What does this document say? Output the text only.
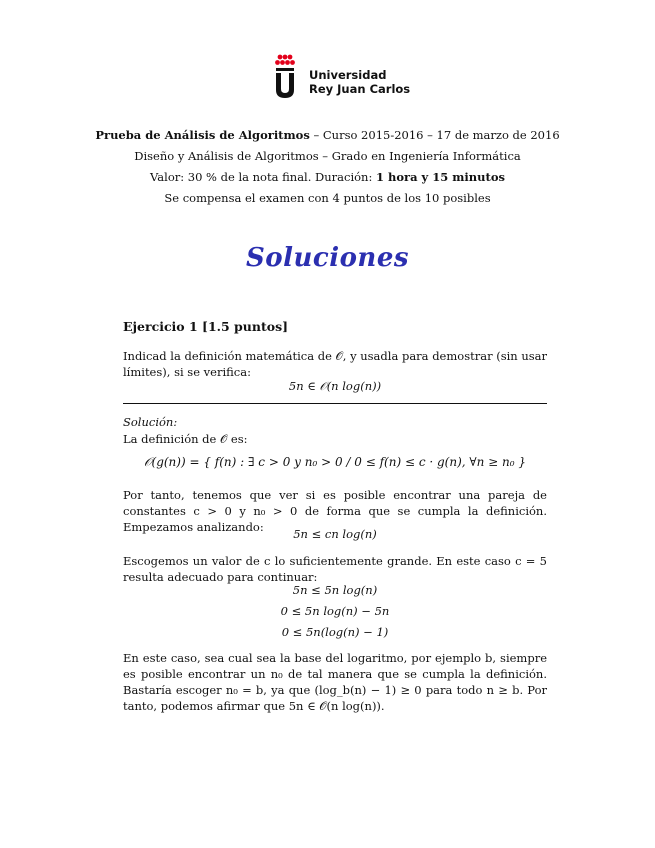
Universidad
Rey Juan Carlos
Prueba de Análisis de Algoritmos – Curso 2015-2016 – 17 de marzo de 2016
Diseño y Análisis de Algoritmos – Grado en Ingeniería Informática
Valor: 30 % de la nota final. Duración: 1 hora y 15 minutos
Se compensa el examen con 4 puntos de los 10 posibles
Soluciones
Ejercicio 1 [1.5 puntos]
Indicad la definición matemática de 𝒪, y usadla para demostrar (sin usar límites), si se verifica:
5n ∈ 𝒪(n log(n))
Solución:
La definición de 𝒪 es:
𝒪(g(n)) = { f(n) : ∃ c > 0 y n₀ > 0 / 0 ≤ f(n) ≤ c · g(n), ∀n ≥ n₀ }
Por tanto, tenemos que ver si es posible encontrar una pareja de constantes c > 0 y n₀ > 0 de forma que se cumpla la definición. Empezamos analizando:	5n ≤ cn log(n)
Escogemos un valor de c lo suficientemente grande. En este caso c = 5 resulta adecuado para continuar:
5n ≤ 5n log(n)
0 ≤ 5n log(n) − 5n
0 ≤ 5n(log(n) − 1)
En este caso, sea cual sea la base del logaritmo, por ejemplo b, siempre es posible encontrar un n₀ de tal manera que se cumpla la definición. Bastaría escoger n₀ = b, ya que (log_b(n) − 1) ≥ 0 para todo n ≥ b. Por tanto, podemos afirmar que 5n ∈ 𝒪(n log(n)).
